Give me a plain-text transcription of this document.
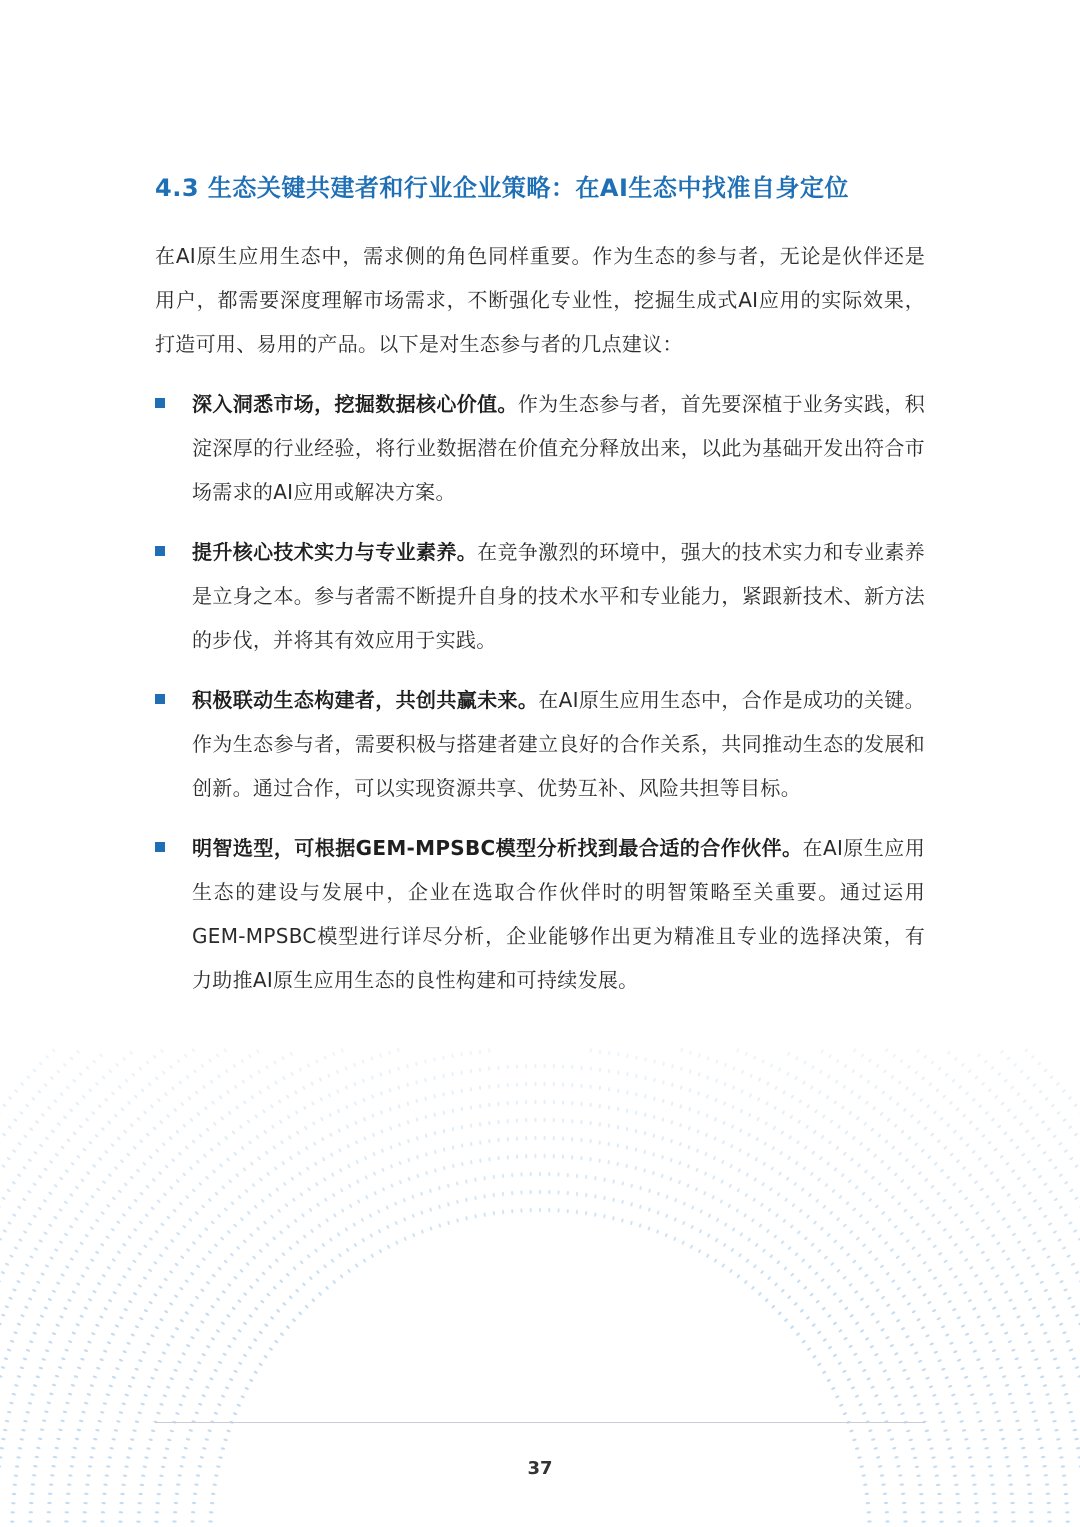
4.3 生态关键共建者和行业企业策略：在AI生态中找准自身定位

在AI原生应用生态中，需求侧的角色同样重要。作为生态的参与者，无论是伙伴还是用户，都需要深度理解市场需求，不断强化专业性，挖掘生成式AI应用的实际效果，打造可用、易用的产品。以下是对生态参与者的几点建议：

深入洞悉市场，挖掘数据核心价值。作为生态参与者，首先要深植于业务实践，积淀深厚的行业经验，将行业数据潜在价值充分释放出来，以此为基础开发出符合市场需求的AI应用或解决方案。
提升核心技术实力与专业素养。在竞争激烈的环境中，强大的技术实力和专业素养是立身之本。参与者需不断提升自身的技术水平和专业能力，紧跟新技术、新方法的步伐，并将其有效应用于实践。
积极联动生态构建者，共创共赢未来。在AI原生应用生态中，合作是成功的关键。作为生态参与者，需要积极与搭建者建立良好的合作关系，共同推动生态的发展和创新。通过合作，可以实现资源共享、优势互补、风险共担等目标。
明智选型，可根据GEM-MPSBC模型分析找到最合适的合作伙伴。在AI原生应用生态的建设与发展中，企业在选取合作伙伴时的明智策略至关重要。通过运用GEM-MPSBC模型进行详尽分析，企业能够作出更为精准且专业的选择决策，有力助推AI原生应用生态的良性构建和可持续发展。
37
